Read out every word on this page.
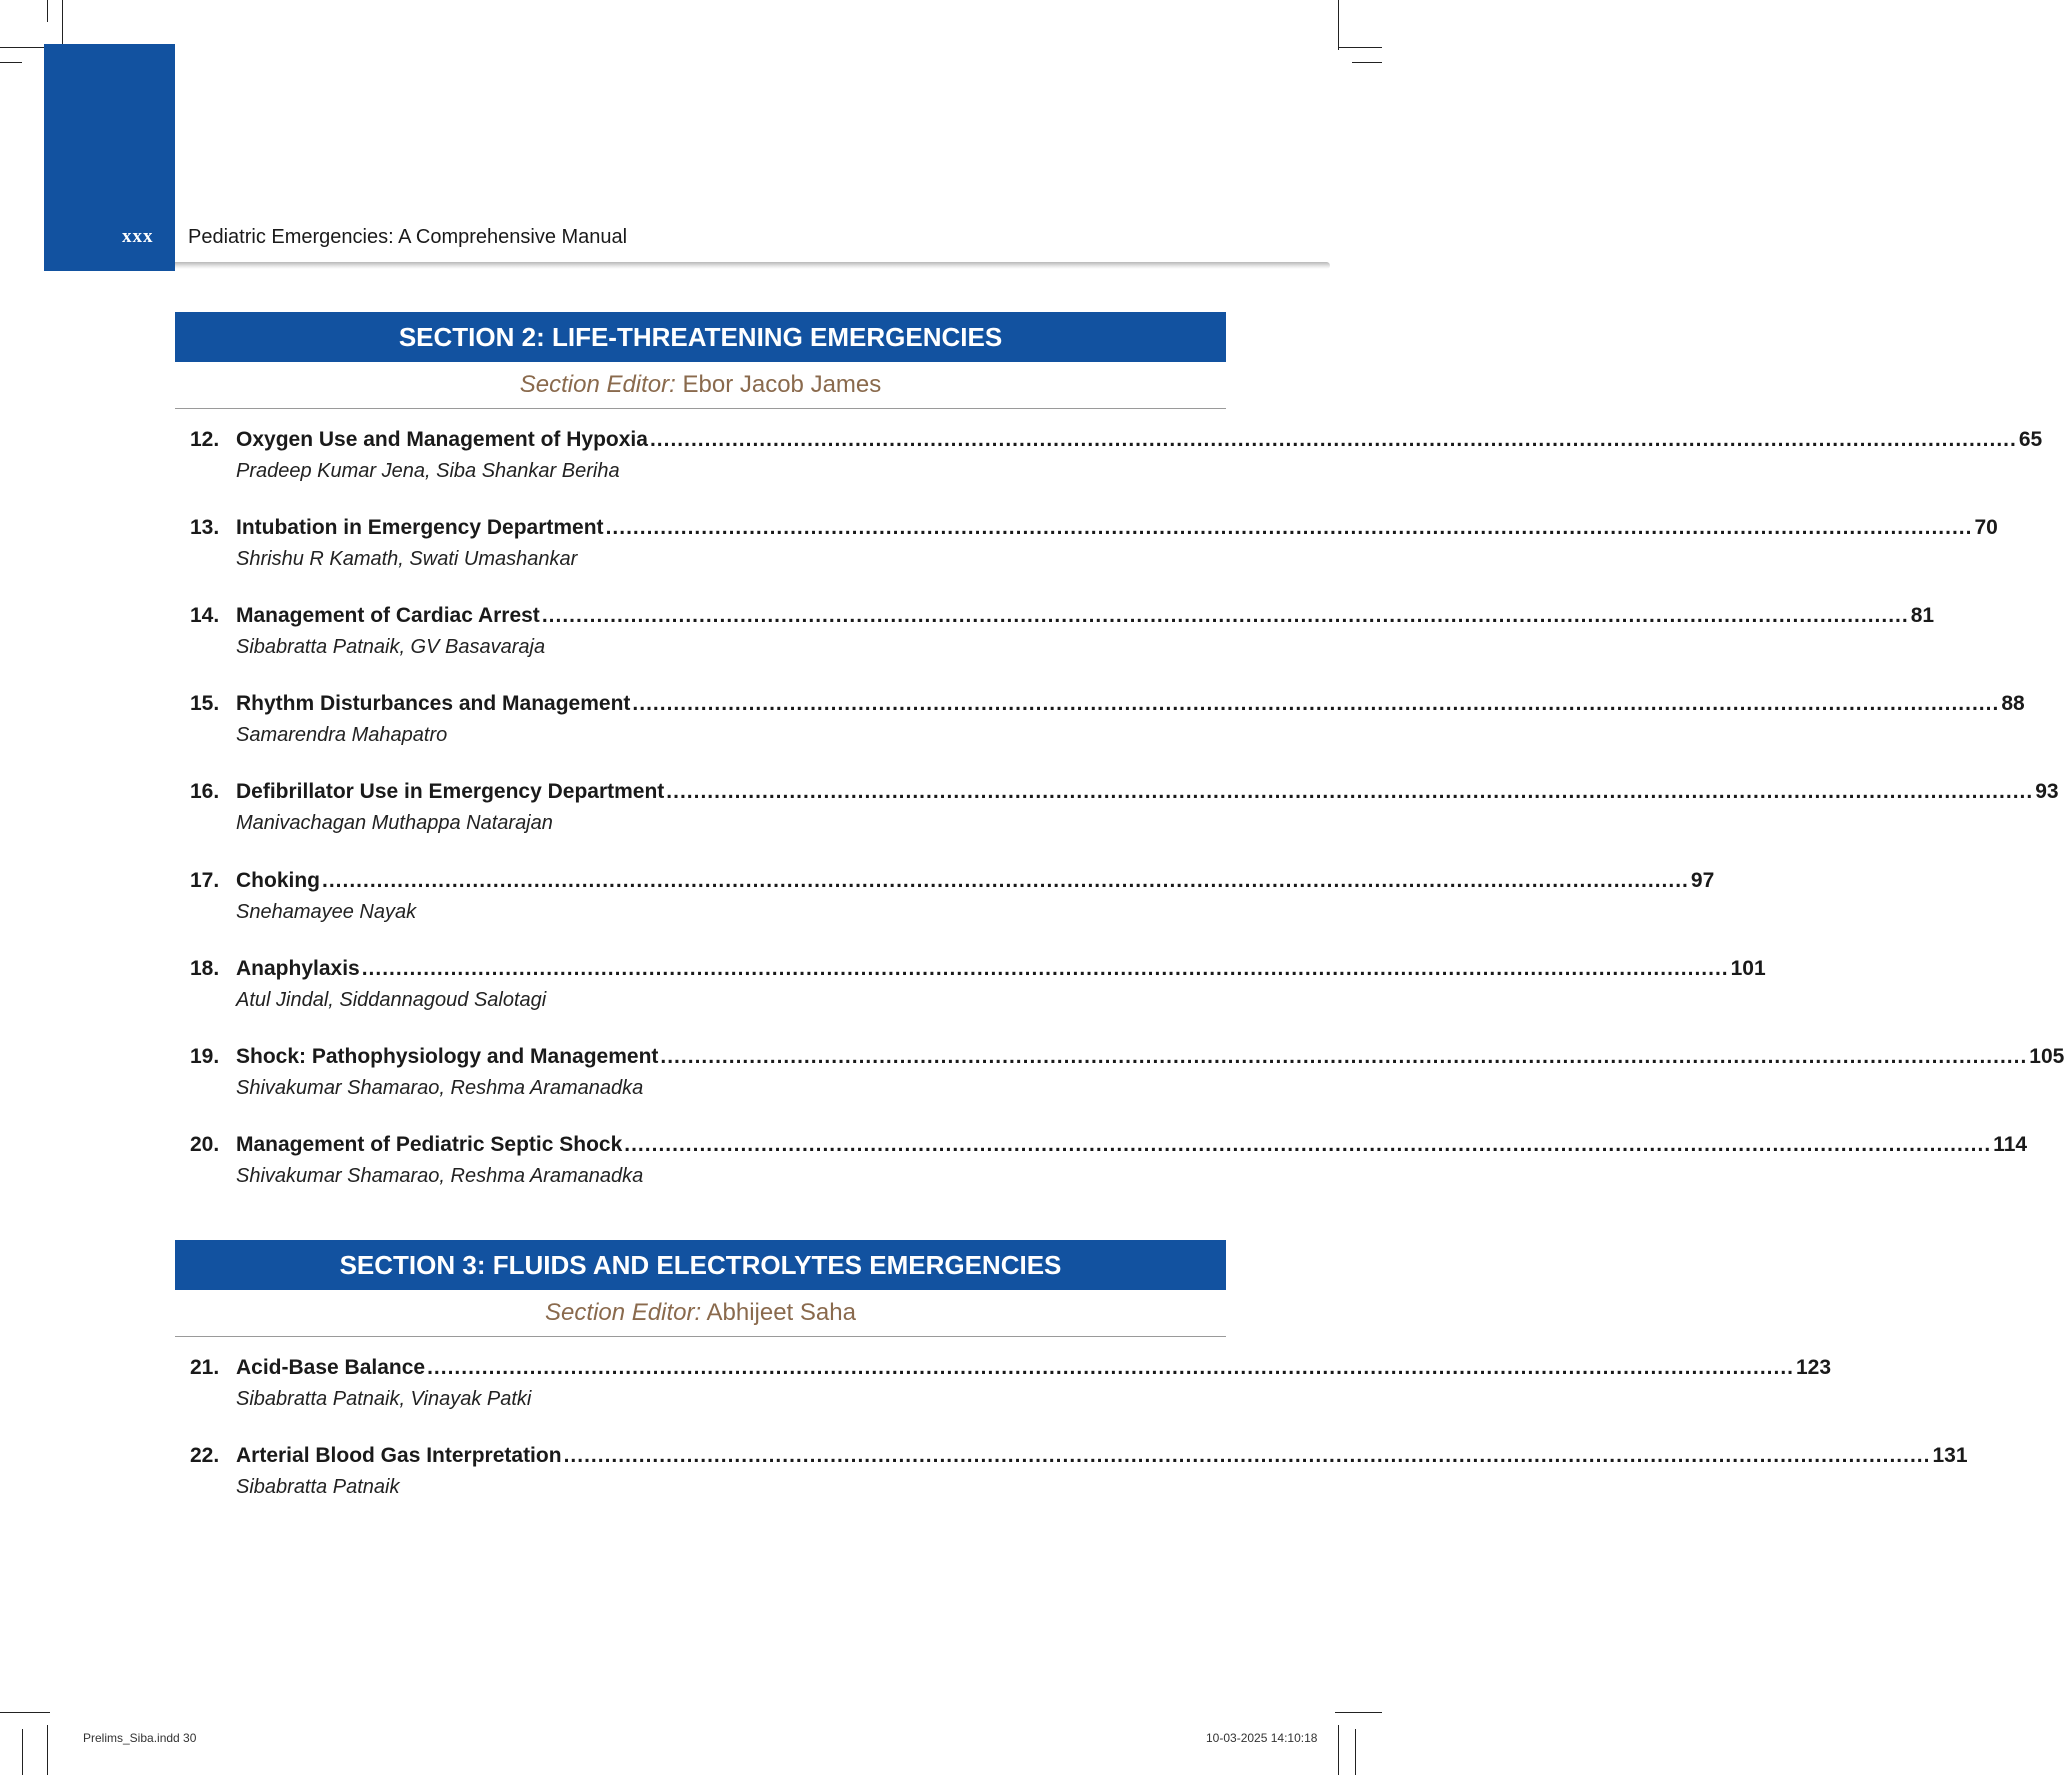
xxx Pediatric Emergencies: A Comprehensive Manual
SECTION 2: LIFE-THREATENING EMERGENCIES
Section Editor: Ebor Jacob James
12. Oxygen Use and Management of Hypoxia ........................................................................................................................................................................................................ 65
Pradeep Kumar Jena, Siba Shankar Beriha
13. Intubation in Emergency Department ........................................................................................................................................................................................................ 70
Shrishu R Kamath, Swati Umashankar
14. Management of Cardiac Arrest ........................................................................................................................................................................................................ 81
Sibabratta Patnaik, GV Basavaraja
15. Rhythm Disturbances and Management ........................................................................................................................................................................................................ 88
Samarendra Mahapatro
16. Defibrillator Use in Emergency Department ........................................................................................................................................................................................................ 93
Manivachagan Muthappa Natarajan
17. Choking ........................................................................................................................................................................................................ 97
Snehamayee Nayak
18. Anaphylaxis ........................................................................................................................................................................................................ 101
Atul Jindal, Siddannagoud Salotagi
19. Shock: Pathophysiology and Management ........................................................................................................................................................................................................ 105
Shivakumar Shamarao, Reshma Aramanadka
20. Management of Pediatric Septic Shock ........................................................................................................................................................................................................ 114
Shivakumar Shamarao, Reshma Aramanadka
SECTION 3: FLUIDS AND ELECTROLYTES EMERGENCIES
Section Editor: Abhijeet Saha
21. Acid-Base Balance ........................................................................................................................................................................................................ 123
Sibabratta Patnaik, Vinayak Patki
22. Arterial Blood Gas Interpretation ........................................................................................................................................................................................................ 131
Sibabratta Patnaik
Prelims_Siba.indd 30	10-03-2025 14:10:18
